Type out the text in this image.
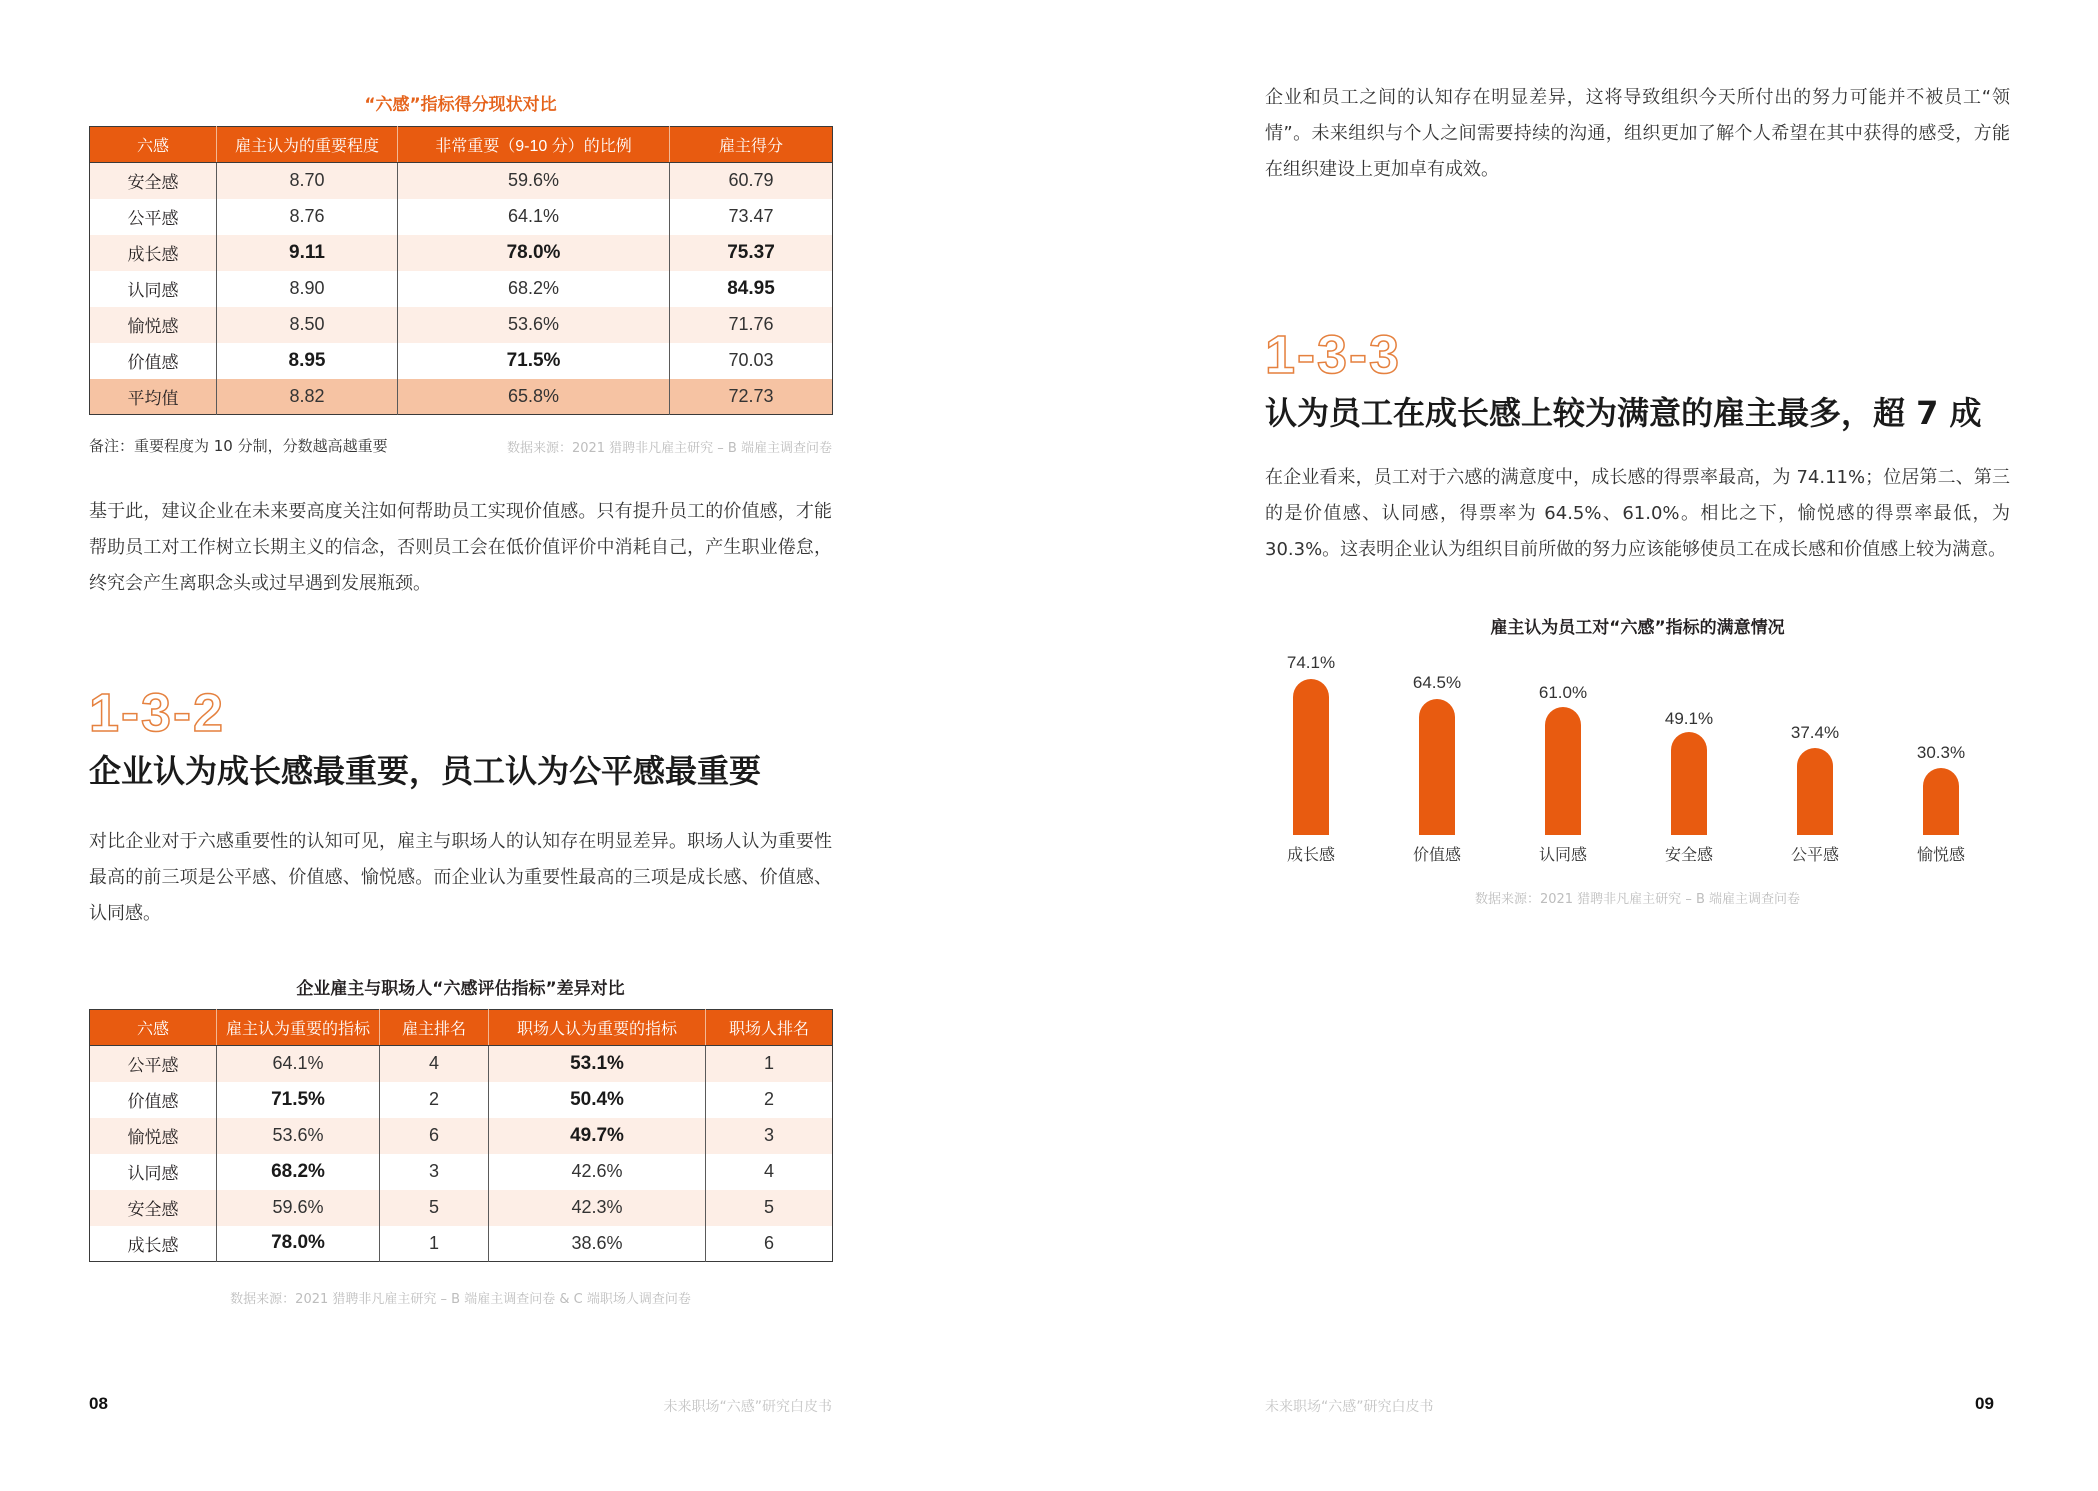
“六感”指标得分现状对比
六感	雇主认为的重要程度	非常重要（9-10 分）的比例	雇主得分
安全感	8.70	59.6%	60.79
公平感	8.76	64.1%	73.47
成长感	9.11	78.0%	75.37
认同感	8.90	68.2%	84.95
愉悦感	8.50	53.6%	71.76
价值感	8.95	71.5%	70.03
平均值	8.82	65.8%	72.73
备注：重要程度为 10 分制，分数越高越重要	数据来源：2021 猎聘非凡雇主研究 – B 端雇主调查问卷
基于此，建议企业在未来要高度关注如何帮助员工实现价值感。只有提升员工的价值感，才能帮助员工对工作树立长期主义的信念，否则员工会在低价值评价中消耗自己，产生职业倦怠，终究会产生离职念头或过早遇到发展瓶颈。
1-3-2
企业认为成长感最重要，员工认为公平感最重要
对比企业对于六感重要性的认知可见，雇主与职场人的认知存在明显差异。职场人认为重要性最高的前三项是公平感、价值感、愉悦感。而企业认为重要性最高的三项是成长感、价值感、认同感。
企业雇主与职场人“六感评估指标”差异对比
六感	雇主认为重要的指标	雇主排名	职场人认为重要的指标	职场人排名
公平感	64.1%	4	53.1%	1
价值感	71.5%	2	50.4%	2
愉悦感	53.6%	6	49.7%	3
认同感	68.2%	3	42.6%	4
安全感	59.6%	5	42.3%	5
成长感	78.0%	1	38.6%	6
数据来源：2021 猎聘非凡雇主研究 – B 端雇主调查问卷 & C 端职场人调查问卷
08	未来职场“六感”研究白皮书
企业和员工之间的认知存在明显差异，这将导致组织今天所付出的努力可能并不被员工“领情”。未来组织与个人之间需要持续的沟通，组织更加了解个人希望在其中获得的感受，方能在组织建设上更加卓有成效。
1-3-3
认为员工在成长感上较为满意的雇主最多，超 7 成
在企业看来，员工对于六感的满意度中，成长感的得票率最高，为 74.11%；位居第二、第三的是价值感、认同感，得票率为 64.5%、61.0%。相比之下，愉悦感的得票率最低，为 30.3%。这表明企业认为组织目前所做的努力应该能够使员工在成长感和价值感上较为满意。
雇主认为员工对“六感”指标的满意情况
74.1%
成长感
64.5%
价值感
61.0%
认同感
49.1%
安全感
37.4%
公平感
30.3%
愉悦感
数据来源：2021 猎聘非凡雇主研究 – B 端雇主调查问卷
未来职场“六感”研究白皮书	09
